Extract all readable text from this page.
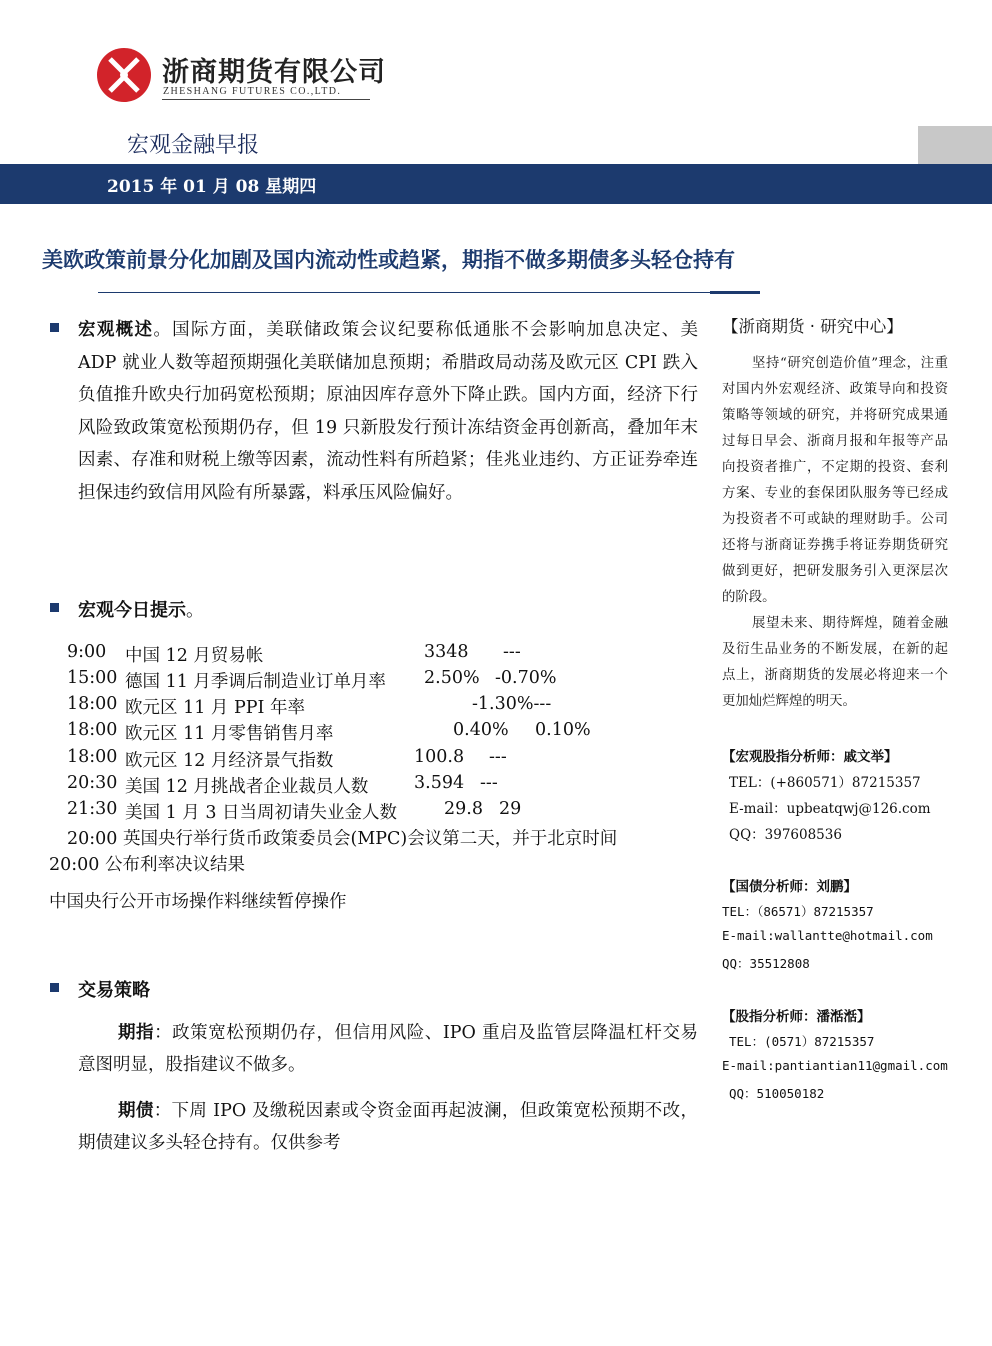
浙商期货有限公司
ZHESHANG FUTURES CO.,LTD.
宏观金融早报
2015 年 01 月 08 星期四
美欧政策前景分化加剧及国内流动性或趋紧，期指不做多期债多头轻仓持有
宏观概述。国际方面，美联储政策会议纪要称低通胀不会影响加息决定、美 ADP 就业人数等超预期强化美联储加息预期；希腊政局动荡及欧元区 CPI 跌入负值推升欧央行加码宽松预期；原油因库存意外下降止跌。国内方面，经济下行风险致政策宽松预期仍存，但 19 只新股发行预计冻结资金再创新高，叠加年末因素、存准和财税上缴等因素，流动性料有所趋紧；佳兆业违约、方正证券牵连担保违约致信用风险有所暴露，料承压风险偏好。
宏观今日提示。
9:00 中国 12 月贸易帐	3348 ---
15:00 德国 11 月季调后制造业订单月率 2.50% -0.70%
18:00 欧元区 11 月 PPI 年率	-1.30%---
18:00 欧元区 11 月零售销售月率	0.40% 0.10%
18:00 欧元区 12 月经济景气指数	100.8 ---
20:30 美国 12 月挑战者企业裁员人数	3.594 ---
21:30 美国 1 月 3 日当周初请失业金人数	29.8 29
20:00 英国央行举行货币政策委员会(MPC)会议第二天，并于北京时间
20:00 公布利率决议结果
中国央行公开市场操作料继续暂停操作
交易策略
期指：政策宽松预期仍存，但信用风险、IPO 重启及监管层降温杠杆交易意图明显，股指建议不做多。
期债：下周 IPO 及缴税因素或令资金面再起波澜，但政策宽松预期不改，期债建议多头轻仓持有。仅供参考
【浙商期货 · 研究中心】
坚持“研究创造价值”理念，注重对国内外宏观经济、政策导向和投资策略等领域的研究，并将研究成果通过每日早会、浙商月报和年报等产品向投资者推广，不定期的投资、套利方案、专业的套保团队服务等已经成为投资者不可或缺的理财助手。公司还将与浙商证券携手将证券期货研究做到更好，把研发服务引入更深层次的阶段。
展望未来、期待辉煌，随着金融及衍生品业务的不断发展，在新的起点上，浙商期货的发展必将迎来一个更加灿烂辉煌的明天。
【宏观股指分析师：戚文举】
TEL：(+860571）87215357
E-mail：upbeatqwj@126.com
QQ：397608536
【国债分析师：刘鹏】
TEL：（86571）87215357
E-mail:wallantte@hotmail.com
QQ：35512808
【股指分析师：潘湉湉】
TEL：(0571）87215357
E-mail:pantiantian11@gmail.com
QQ：510050182
